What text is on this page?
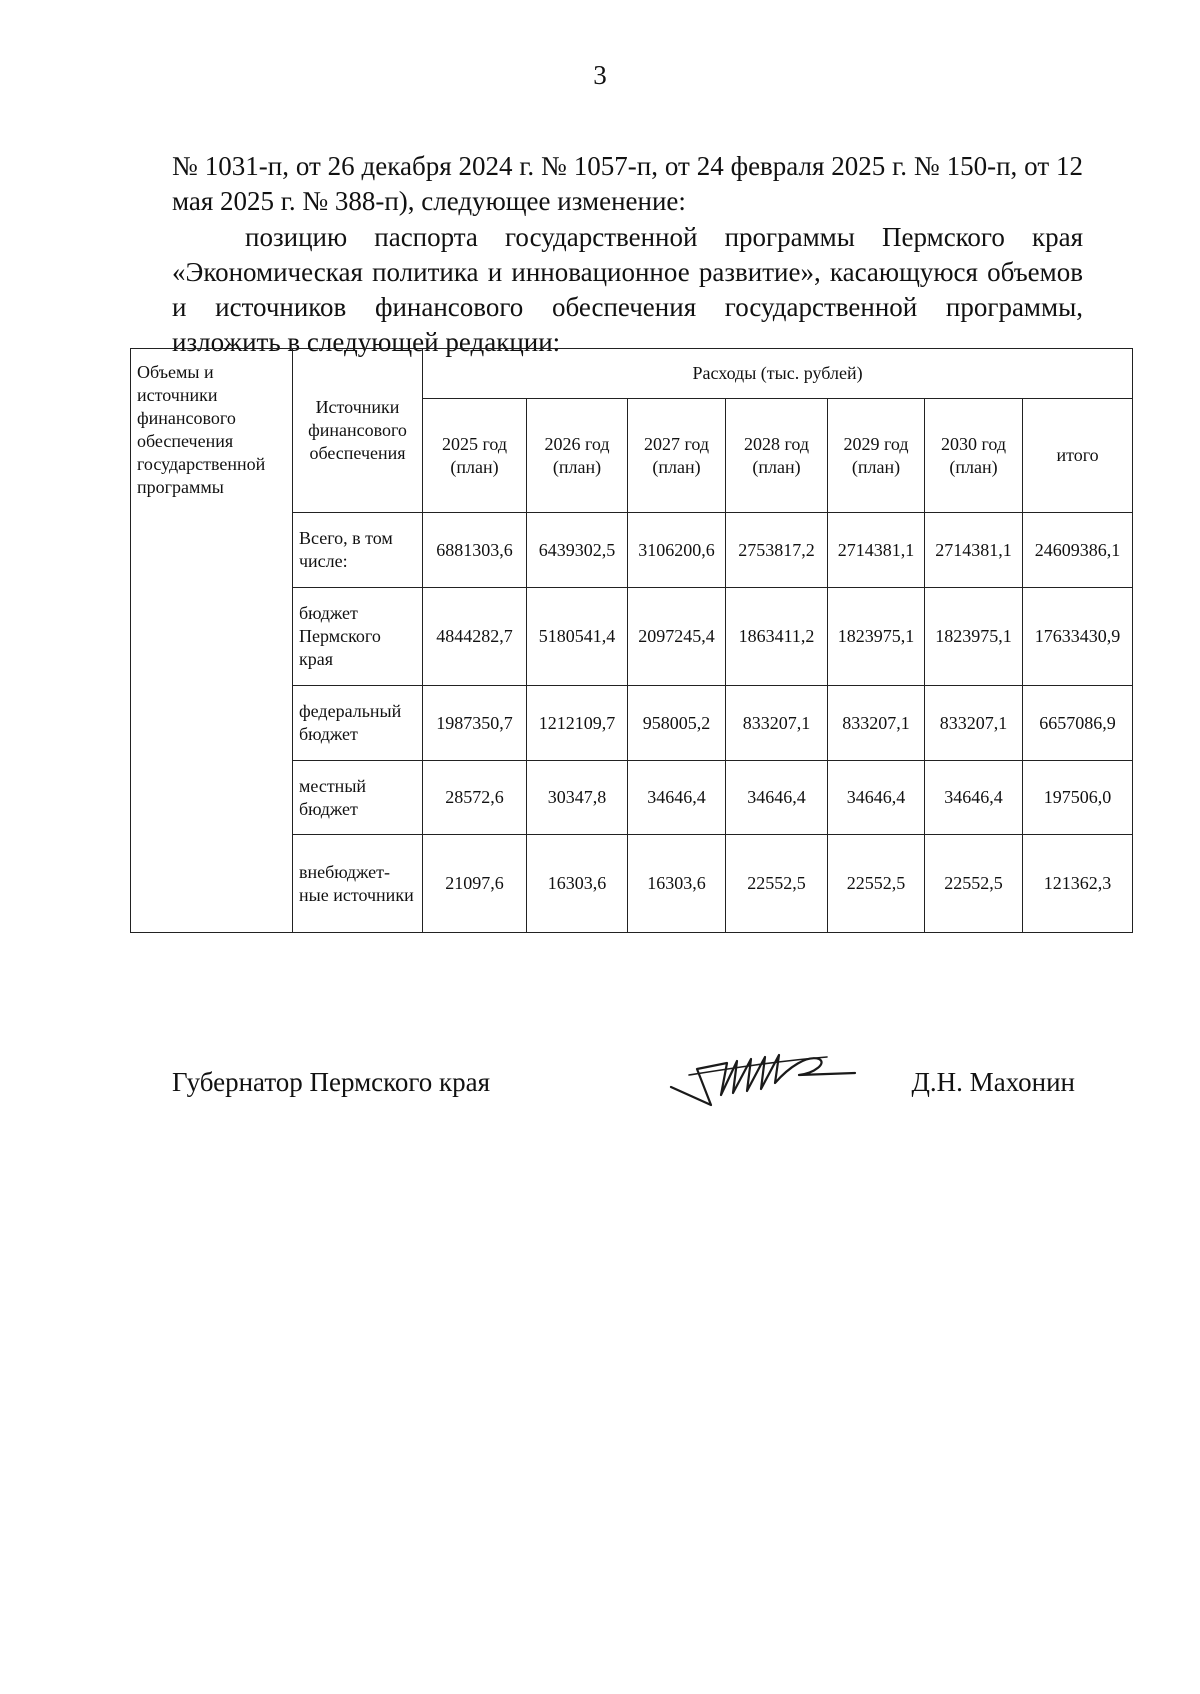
3

№ 1031-п, от 26 декабря 2024 г. № 1057-п, от 24 февраля 2025 г. № 150-п, от 12 мая 2025 г. № 388-п), следующее изменение:

позицию паспорта государственной программы Пермского края «Экономическая политика и инновационное развитие», касающуюся объемов и источников финансового обеспечения государственной программы, изложить в следующей редакции:

Объемы и источники финансового обеспечения государственной программы	Источники финансового обеспечения	Расходы (тыс. рублей)						
		2025 год (план)	2026 год (план)	2027 год (план)	2028 год (план)	2029 год (план)	2030 год (план)	итого
	Всего, в том числе:	6881303,6	6439302,5	3106200,6	2753817,2	2714381,1	2714381,1	24609386,1
	бюджет Пермского края	4844282,7	5180541,4	2097245,4	1863411,2	1823975,1	1823975,1	17633430,9
	федеральный бюджет	1987350,7	1212109,7	958005,2	833207,1	833207,1	833207,1	6657086,9
	местный бюджет	28572,6	30347,8	34646,4	34646,4	34646,4	34646,4	197506,0
	внебюджет-ные источники	21097,6	16303,6	16303,6	22552,5	22552,5	22552,5	121362,3
Губернатор Пермского края	Д.Н. Махонин
